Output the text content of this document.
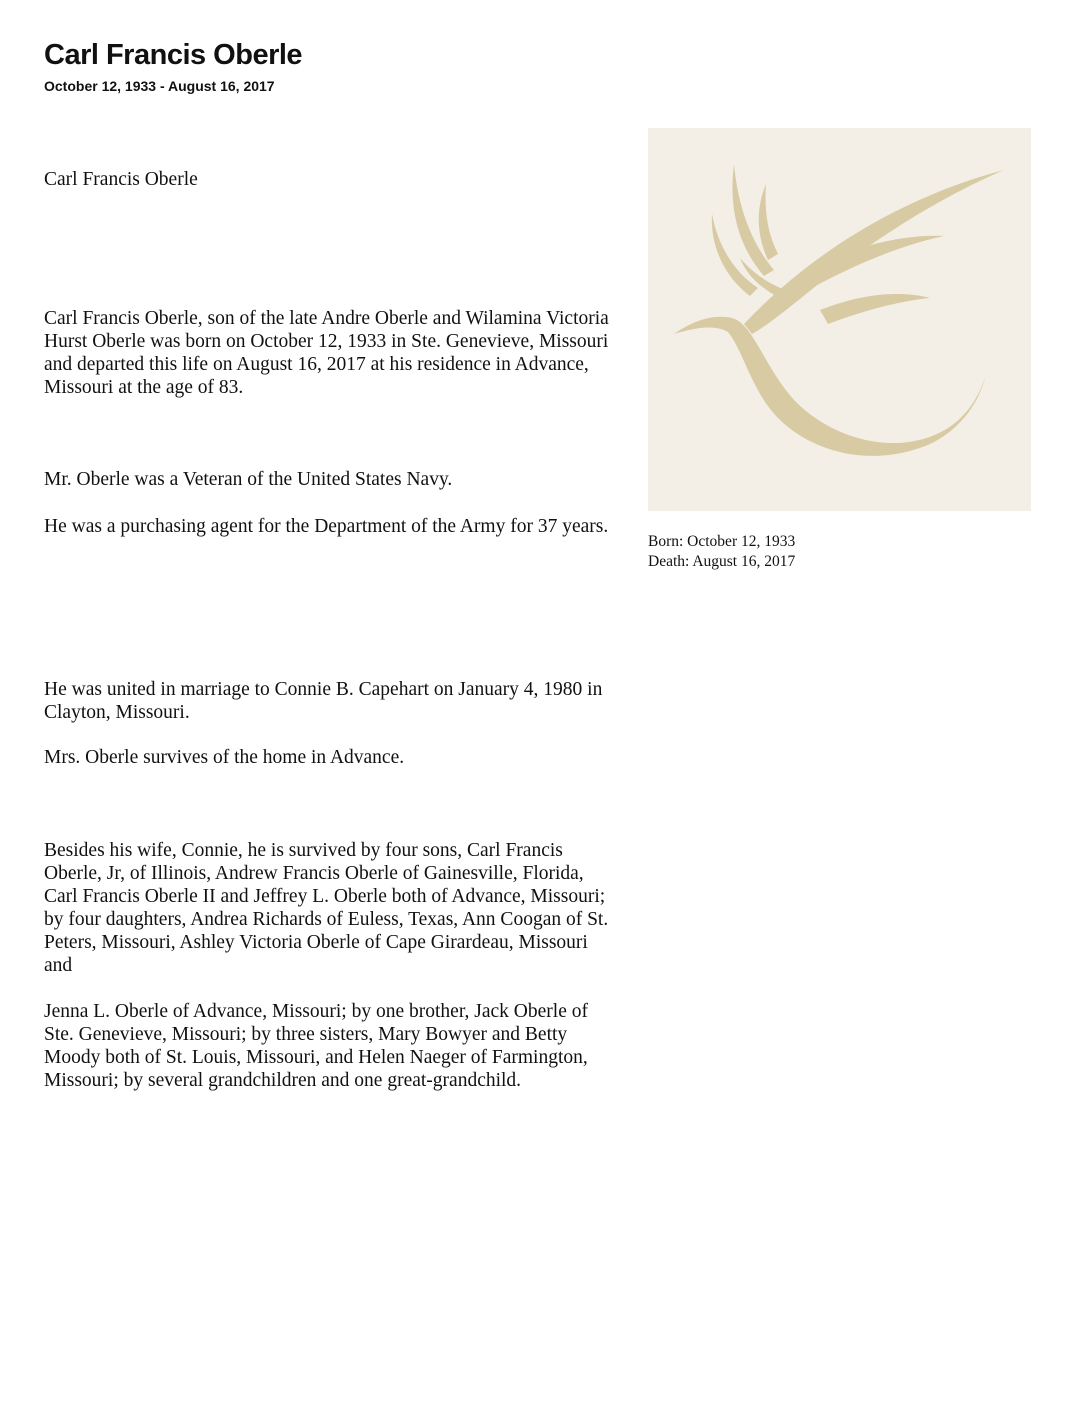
Carl Francis Oberle
October 12, 1933 - August 16, 2017

Carl Francis Oberle

Carl Francis Oberle, son of the late Andre Oberle and Wilamina Victoria Hurst Oberle was born on October 12, 1933 in Ste. Genevieve, Missouri and departed this life on August 16, 2017 at his residence in Advance, Missouri at the age of 83.

Mr. Oberle was a Veteran of the United States Navy.

He was a purchasing agent for the Department of the Army for 37 years.

He was united in marriage to Connie B. Capehart on January 4, 1980 in Clayton, Missouri.

Mrs. Oberle survives of the home in Advance.

Besides his wife, Connie, he is survived by four sons, Carl Francis Oberle, Jr, of Illinois, Andrew Francis Oberle of Gainesville, Florida, Carl Francis Oberle II and Jeffrey L. Oberle both of Advance, Missouri; by four daughters, Andrea Richards of Euless, Texas, Ann Coogan of St. Peters, Missouri, Ashley Victoria Oberle of Cape Girardeau, Missouri and

Jenna L. Oberle of Advance, Missouri; by one brother, Jack Oberle of Ste. Genevieve, Missouri; by three sisters, Mary Bowyer and Betty Moody both of St. Louis, Missouri, and Helen Naeger of Farmington, Missouri; by several grandchildren and one great-grandchild.

Born: October 12, 1933
Death: August 16, 2017
